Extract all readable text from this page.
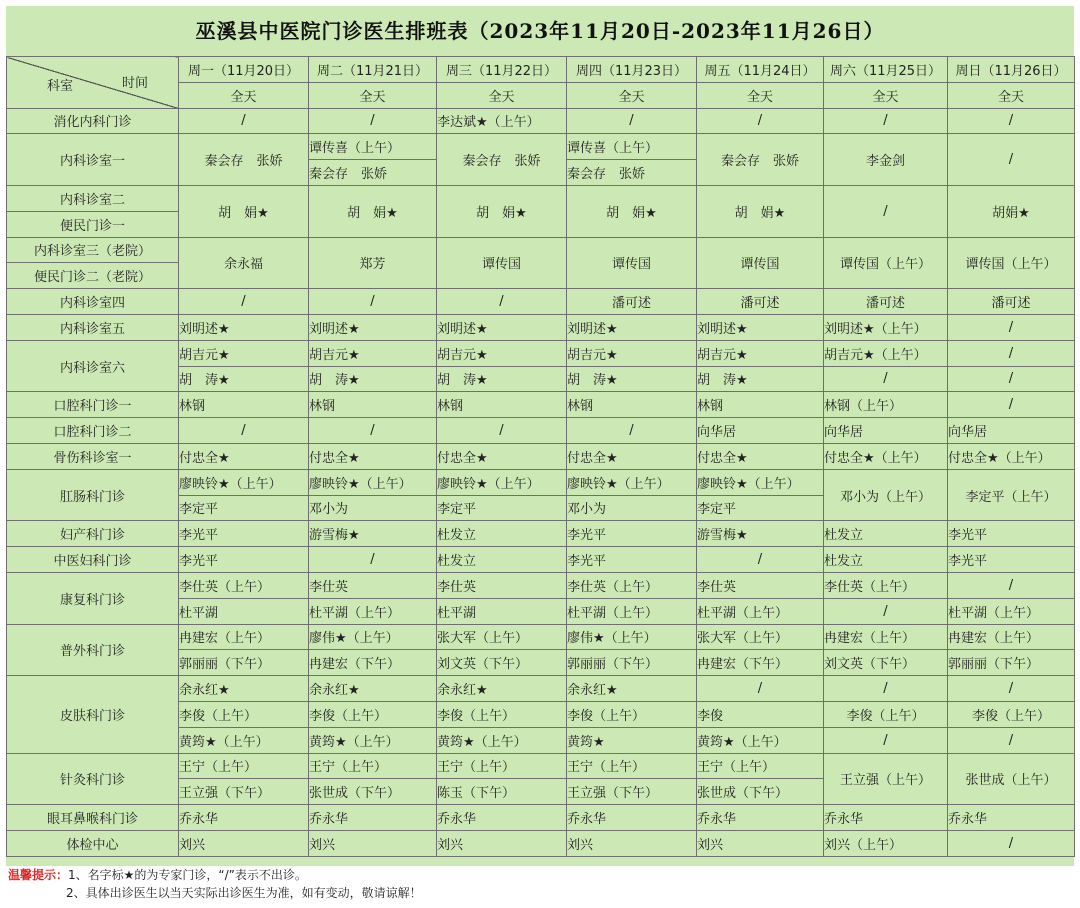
巫溪县中医院门诊医生排班表（2023年11月20日-2023年11月26日）
科室 时间	周一（11月20日）	周二（11月21日）	周三（11月22日）	周四（11月23日）	周五（11月24日）	周六（11月25日）	周日（11月26日）
	全天	全天	全天	全天	全天	全天	全天
消化内科门诊	/	/	李达斌★（上午）	/	/	/	/
内科诊室一	秦会存　张娇	谭传喜（上午）	秦会存　张娇	谭传喜（上午）	秦会存　张娇	李金剑	/
		秦会存　张娇		秦会存　张娇			
内科诊室二	胡　娟★	胡　娟★	胡　娟★	胡　娟★	胡　娟★	/	胡娟★
便民门诊一							
内科诊室三（老院）	余永福	郑芳	谭传国	谭传国	谭传国	谭传国（上午）	谭传国（上午）
便民门诊二（老院）							
内科诊室四	/	/	/	潘可述	潘可述	潘可述	潘可述
内科诊室五	刘明述★	刘明述★	刘明述★	刘明述★	刘明述★	刘明述★（上午）	/
内科诊室六	胡吉元★	胡吉元★	胡吉元★	胡吉元★	胡吉元★	胡吉元★（上午）	/
	胡　涛★	胡　涛★	胡　涛★	胡　涛★	胡　涛★	/	/
口腔科门诊一	林钢	林钢	林钢	林钢	林钢	林钢（上午）	/
口腔科门诊二	/	/	/	/	向华居	向华居	向华居
骨伤科诊室一	付忠全★	付忠全★	付忠全★	付忠全★	付忠全★	付忠全★（上午）	付忠全★（上午）
肛肠科门诊	廖映铃★（上午）	廖映铃★（上午）	廖映铃★（上午）	廖映铃★（上午）	廖映铃★（上午）	邓小为（上午）	李定平（上午）
	李定平	邓小为	李定平	邓小为	李定平		
妇产科门诊	李光平	游雪梅★	杜发立	李光平	游雪梅★	杜发立	李光平
中医妇科门诊	李光平	/	杜发立	李光平	/	杜发立	李光平
康复科门诊	李仕英（上午）	李仕英	李仕英	李仕英（上午）	李仕英	李仕英（上午）	/
	杜平湖	杜平湖（上午）	杜平湖	杜平湖（上午）	杜平湖（上午）	/	杜平湖（上午）
普外科门诊	冉建宏（上午）	廖伟★（上午）	张大军（上午）	廖伟★（上午）	张大军（上午）	冉建宏（上午）	冉建宏（上午）
	郭丽丽（下午）	冉建宏（下午）	刘文英（下午）	郭丽丽（下午）	冉建宏（下午）	刘文英（下午）	郭丽丽（下午）
皮肤科门诊	余永红★	余永红★	余永红★	余永红★	/	/	/
	李俊（上午）	李俊（上午）	李俊（上午）	李俊（上午）	李俊	李俊（上午）	李俊（上午）
	黄筠★（上午）	黄筠★（上午）	黄筠★（上午）	黄筠★	黄筠★（上午）	/	/
针灸科门诊	王宁（上午）	王宁（上午）	王宁（上午）	王宁（上午）	王宁（上午）	王立强（上午）	张世成（上午）
	王立强（下午）	张世成（下午）	陈玉（下午）	王立强（下午）	张世成（下午）		
眼耳鼻喉科门诊	乔永华	乔永华	乔永华	乔永华	乔永华	乔永华	乔永华
体检中心	刘兴	刘兴	刘兴	刘兴	刘兴	刘兴（上午）	/
温馨提示：1、名字标★的为专家门诊，“/”表示不出诊。
2、具体出诊医生以当天实际出诊医生为准，如有变动，敬请谅解！
